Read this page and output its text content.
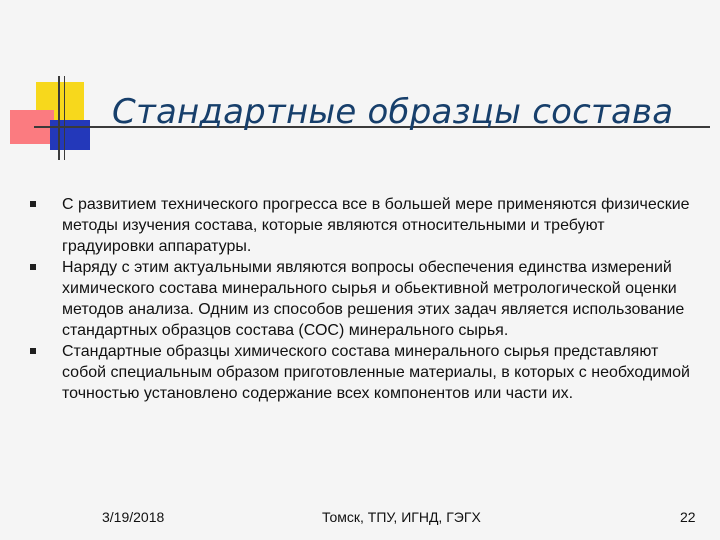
Стандартные образцы состава
С развитием технического прогресса все в большей мере применяются физические методы изучения состава, которые являются относительными и требуют градуировки аппаратуры.
Наряду с этим актуальными являются вопросы обеспечения единства измерений химического состава минерального сырья и обьективной метрологической оценки методов анализа. Одним из способов решения этих задач является использование стандартных образцов состава (СОС) минерального сырья.
Стандартные образцы химического состава минерального сырья представляют собой специальным образом приготовленные материалы, в которых с необходимой точностью установлено содержание всех компонентов или части их.
3/19/2018	Томск, ТПУ, ИГНД, ГЭГХ	22
